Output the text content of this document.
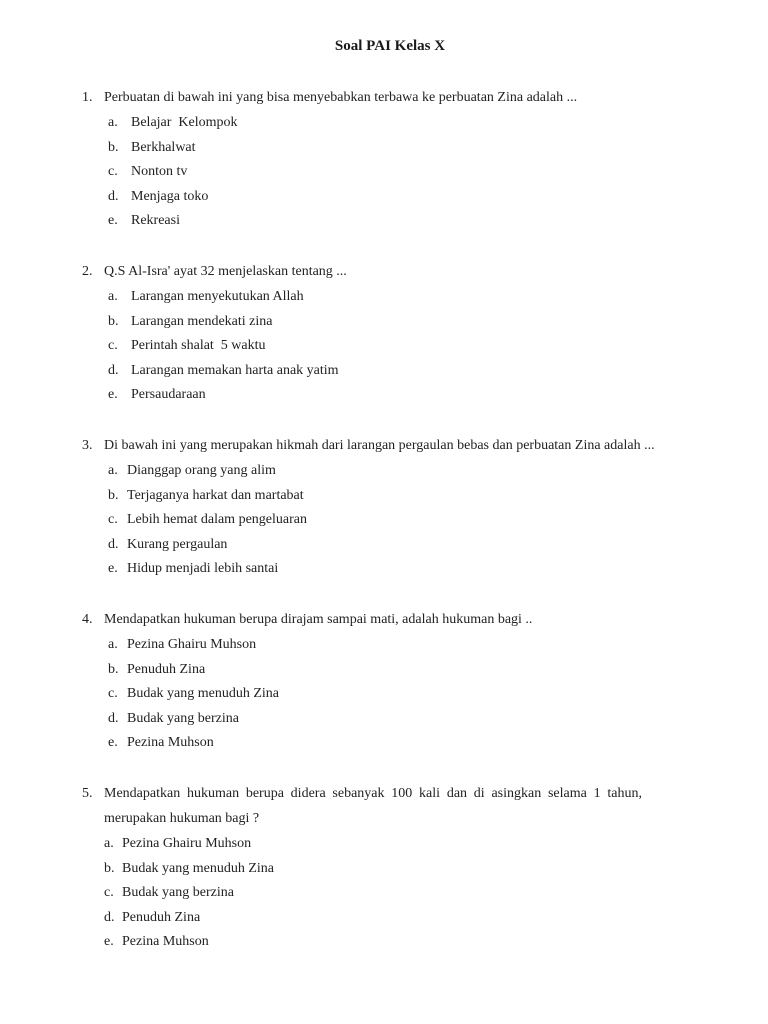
Soal PAI Kelas X
1. Perbuatan di bawah ini yang bisa menyebabkan terbawa ke perbuatan Zina adalah ...
a. Belajar  Kelompok
b. Berkhalwat
c. Nonton tv
d. Menjaga toko
e. Rekreasi
2. Q.S Al-Isra' ayat 32 menjelaskan tentang ...
a. Larangan menyekutukan Allah
b. Larangan mendekati zina
c. Perintah shalat  5 waktu
d. Larangan memakan harta anak yatim
e. Persaudaraan
3. Di bawah ini yang merupakan hikmah dari larangan pergaulan bebas dan perbuatan Zina adalah ...
a. Dianggap orang yang alim
b. Terjaganya harkat dan martabat
c. Lebih hemat dalam pengeluaran
d. Kurang pergaulan
e. Hidup menjadi lebih santai
4. Mendapatkan hukuman berupa dirajam sampai mati, adalah hukuman bagi ..
a. Pezina Ghairu Muhson
b. Penuduh Zina
c. Budak yang menuduh Zina
d. Budak yang berzina
e. Pezina Muhson
5. Mendapatkan hukuman berupa didera sebanyak 100 kali dan di asingkan selama 1 tahun,
merupakan hukuman bagi ?
a. Pezina Ghairu Muhson
b. Budak yang menuduh Zina
c. Budak yang berzina
d. Penuduh Zina
e. Pezina Muhson
